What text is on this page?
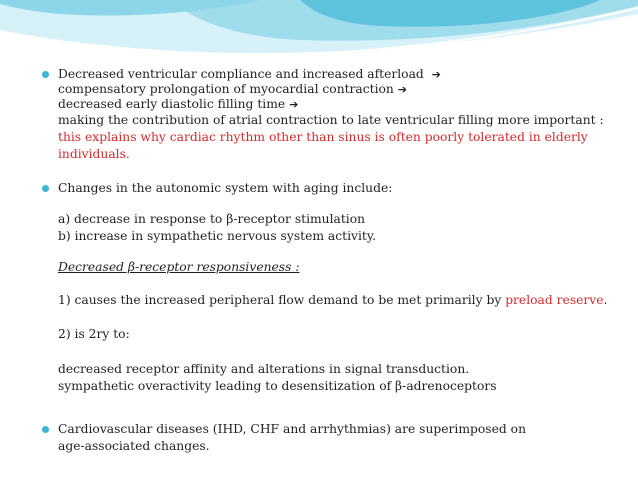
Decreased ventricular compliance and increased afterload ➔
compensatory prolongation of myocardial contraction ➔
decreased early diastolic filling time ➔
making the contribution of atrial contraction to late ventricular filling more important :
this explains why cardiac rhythm other than sinus is often poorly tolerated in elderly
individuals.
Changes in the autonomic system with aging include:
a) decrease in response to β-receptor stimulation
b) increase in sympathetic nervous system activity.
Decreased β-receptor responsiveness :
1) causes the increased peripheral flow demand to be met primarily by preload reserve.
2) is 2ry to:
decreased receptor affinity and alterations in signal transduction.
sympathetic overactivity leading to desensitization of β-adrenoceptors
Cardiovascular diseases (IHD, CHF and arrhythmias) are superimposed on
age-associated changes.
